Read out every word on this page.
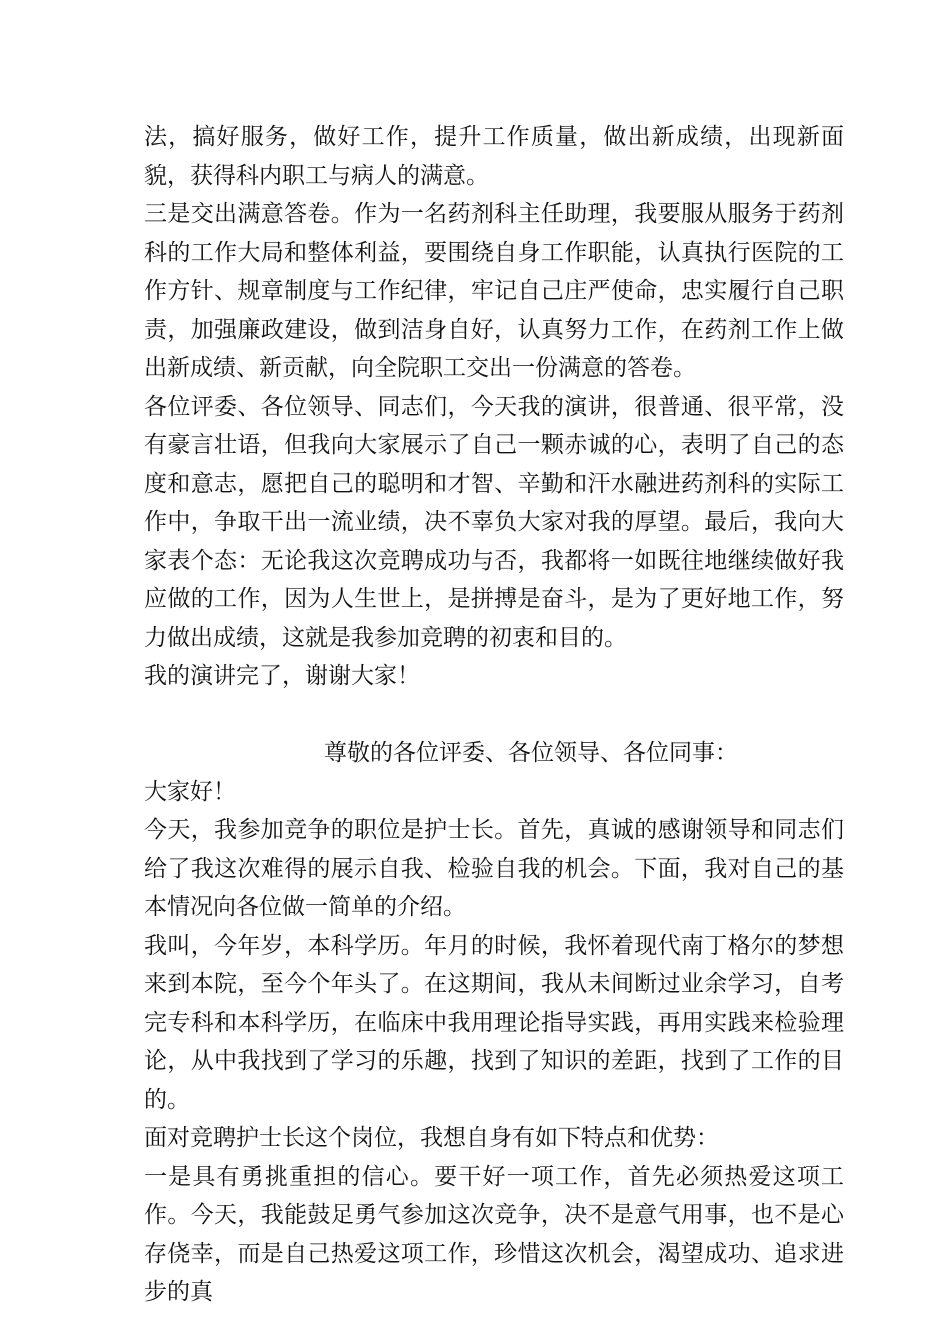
法，搞好服务，做好工作，提升工作质量，做出新成绩，出现新面貌，获得科内职工与病人的满意。

三是交出满意答卷。作为一名药剂科主任助理，我要服从服务于药剂科的工作大局和整体利益，要围绕自身工作职能，认真执行医院的工作方针、规章制度与工作纪律，牢记自己庄严使命，忠实履行自己职责，加强廉政建设，做到洁身自好，认真努力工作，在药剂工作上做出新成绩、新贡献，向全院职工交出一份满意的答卷。

各位评委、各位领导、同志们，今天我的演讲，很普通、很平常，没有豪言壮语，但我向大家展示了自己一颗赤诚的心，表明了自己的态度和意志，愿把自己的聪明和才智、辛勤和汗水融进药剂科的实际工作中，争取干出一流业绩，决不辜负大家对我的厚望。最后，我向大家表个态：无论我这次竞聘成功与否，我都将一如既往地继续做好我应做的工作，因为人生世上，是拼搏是奋斗，是为了更好地工作，努力做出成绩，这就是我参加竞聘的初衷和目的。

我的演讲完了，谢谢大家！

尊敬的各位评委、各位领导、各位同事：

大家好！

今天，我参加竞争的职位是护士长。首先，真诚的感谢领导和同志们给了我这次难得的展示自我、检验自我的机会。下面，我对自己的基本情况向各位做一简单的介绍。

我叫，今年岁，本科学历。年月的时候，我怀着现代南丁格尔的梦想来到本院，至今个年头了。在这期间，我从未间断过业余学习，自考完专科和本科学历，在临床中我用理论指导实践，再用实践来检验理论，从中我找到了学习的乐趣，找到了知识的差距，找到了工作的目的。

面对竞聘护士长这个岗位，我想自身有如下特点和优势：

一是具有勇挑重担的信心。要干好一项工作，首先必须热爱这项工作。今天，我能鼓足勇气参加这次竞争，决不是意气用事，也不是心存侥幸，而是自己热爱这项工作，珍惜这次机会，渴望成功、追求进步的真
